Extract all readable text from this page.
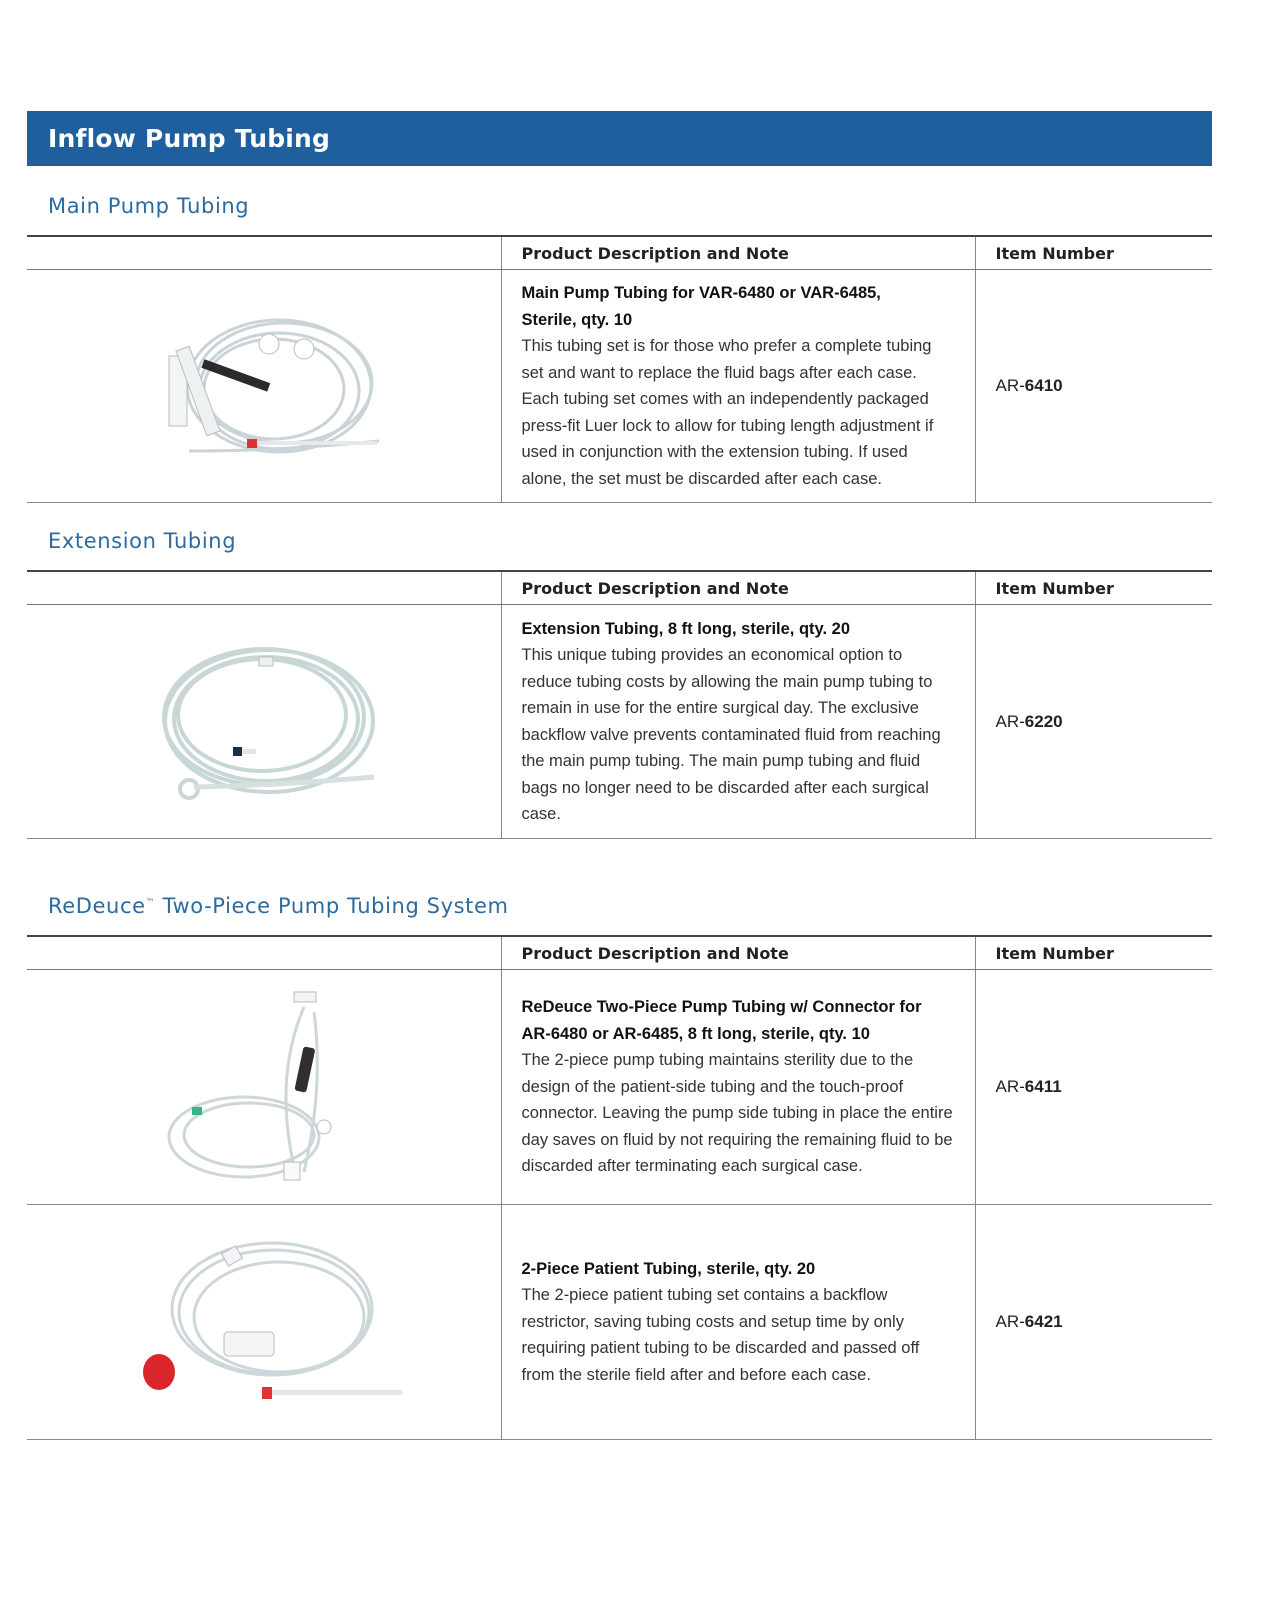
Inflow Pump Tubing
Main Pump Tubing
	Product Description and Note	Item Number

Main Pump Tubing for VAR-6480 or VAR-6485,
Sterile, qty. 10
This tubing set is for those who prefer a complete tubing set and want to replace the fluid bags after each case. Each tubing set comes with an independently packaged press-fit Luer lock to allow for tubing length adjustment if used in conjunction with the extension tubing. If used alone, the set must be discarded after each case.	AR-6410
Extension Tubing
	Product Description and Note	Item Number

Extension Tubing, 8 ft long, sterile, qty. 20
This unique tubing provides an economical option to reduce tubing costs by allowing the main pump tubing to remain in use for the entire surgical day. The exclusive backflow valve prevents contaminated fluid from reaching the main pump tubing. The main pump tubing and fluid bags no longer need to be discarded after each surgical case.	AR-6220
ReDeuce™ Two-Piece Pump Tubing System
	Product Description and Note	Item Number

ReDeuce Two-Piece Pump Tubing w/ Connector for
AR-6480 or AR-6485, 8 ft long, sterile, qty. 10
The 2-piece pump tubing maintains sterility due to the design of the patient-side tubing and the touch-proof connector. Leaving the pump side tubing in place the entire day saves on fluid by not requiring the remaining fluid to be discarded after terminating each surgical case.	AR-6411

2-Piece Patient Tubing, sterile, qty. 20
The 2-piece patient tubing set contains a backflow restrictor, saving tubing costs and setup time by only requiring patient tubing to be discarded and passed off from the sterile field after and before each case.	AR-6421
